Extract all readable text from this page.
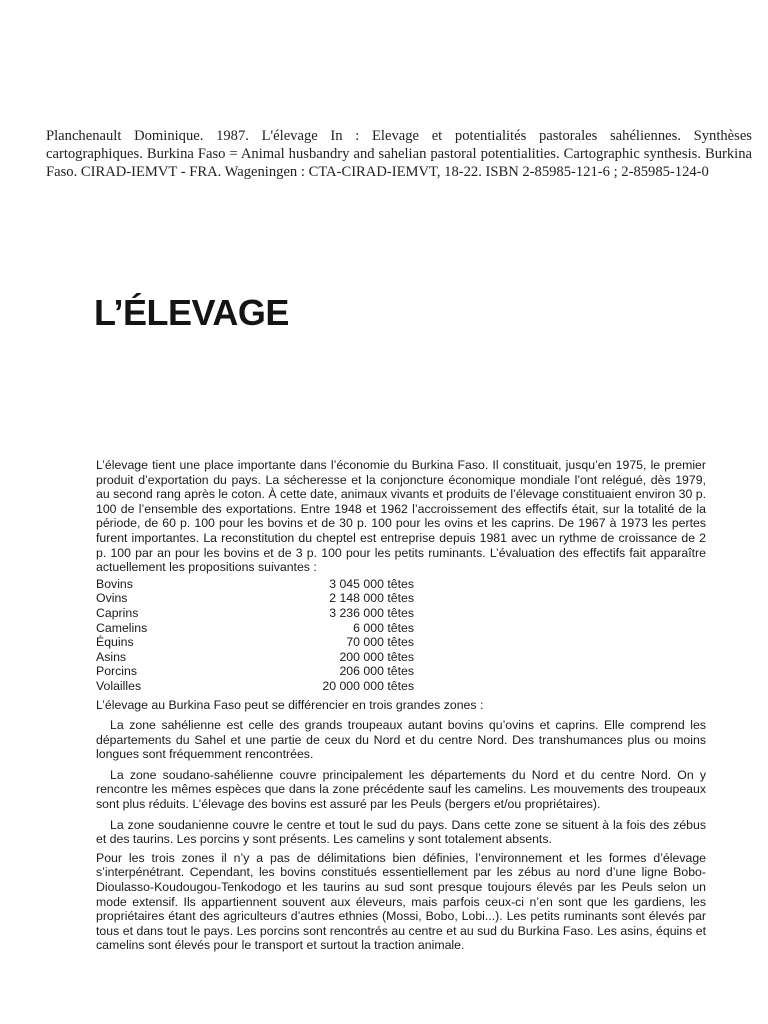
Planchenault Dominique. 1987. L'élevage In : Elevage et potentialités pastorales sahéliennes. Synthèses cartographiques. Burkina Faso = Animal husbandry and sahelian pastoral potentialities. Cartographic synthesis. Burkina Faso. CIRAD-IEMVT - FRA. Wageningen : CTA-CIRAD-IEMVT, 18-22. ISBN 2-85985-121-6 ; 2-85985-124-0
L’ÉLEVAGE

L’élevage tient une place importante dans l’économie du Burkina Faso. Il constituait, jusqu’en 1975, le premier produit d’exportation du pays. La sécheresse et la conjoncture économique mondiale l’ont relégué, dès 1979, au second rang après le coton. À cette date, animaux vivants et produits de l’élevage constituaient environ 30 p. 100 de l’ensemble des exportations. Entre 1948 et 1962 l’accroissement des effectifs était, sur la totalité de la période, de 60 p. 100 pour les bovins et de 30 p. 100 pour les ovins et les caprins. De 1967 à 1973 les pertes furent importantes. La reconstitution du cheptel est entreprise depuis 1981 avec un rythme de croissance de 2 p. 100 par an pour les bovins et de 3 p. 100 pour les petits ruminants. L’évaluation des effectifs fait apparaître actuellement les propositions suivantes :

Bovins	3 045 000 têtes
Ovins	2 148 000 têtes
Caprins	3 236 000 têtes
Camelins	6 000 têtes
Équins	70 000 têtes
Asins	200 000 têtes
Porcins	206 000 têtes
Volailles	20 000 000 têtes

L’élevage au Burkina Faso peut se différencier en trois grandes zones :

La zone sahélienne est celle des grands troupeaux autant bovins qu’ovins et caprins. Elle comprend les départements du Sahel et une partie de ceux du Nord et du centre Nord. Des transhumances plus ou moins longues sont fréquemment rencontrées.

La zone soudano-sahélienne couvre principalement les départements du Nord et du centre Nord. On y rencontre les mêmes espèces que dans la zone précédente sauf les camelins. Les mouvements des troupeaux sont plus réduits. L’élevage des bovins est assuré par les Peuls (bergers et/ou propriétaires).

La zone soudanienne couvre le centre et tout le sud du pays. Dans cette zone se situent à la fois des zébus et des taurins. Les porcins y sont présents. Les camelins y sont totalement absents.

Pour les trois zones il n’y a pas de délimitations bien définies, l’environnement et les formes d’élevage s’interpénétrant. Cependant, les bovins constitués essentiellement par les zébus au nord d’une ligne Bobo-Dioulasso-Koudougou-Tenkodogo et les taurins au sud sont presque toujours élevés par les Peuls selon un mode extensif. Ils appartiennent souvent aux éleveurs, mais parfois ceux-ci n’en sont que les gardiens, les propriétaires étant des agriculteurs d’autres ethnies (Mossi, Bobo, Lobi...). Les petits ruminants sont élevés par tous et dans tout le pays. Les porcins sont rencontrés au centre et au sud du Burkina Faso. Les asins, équins et camelins sont élevés pour le transport et surtout la traction animale.
